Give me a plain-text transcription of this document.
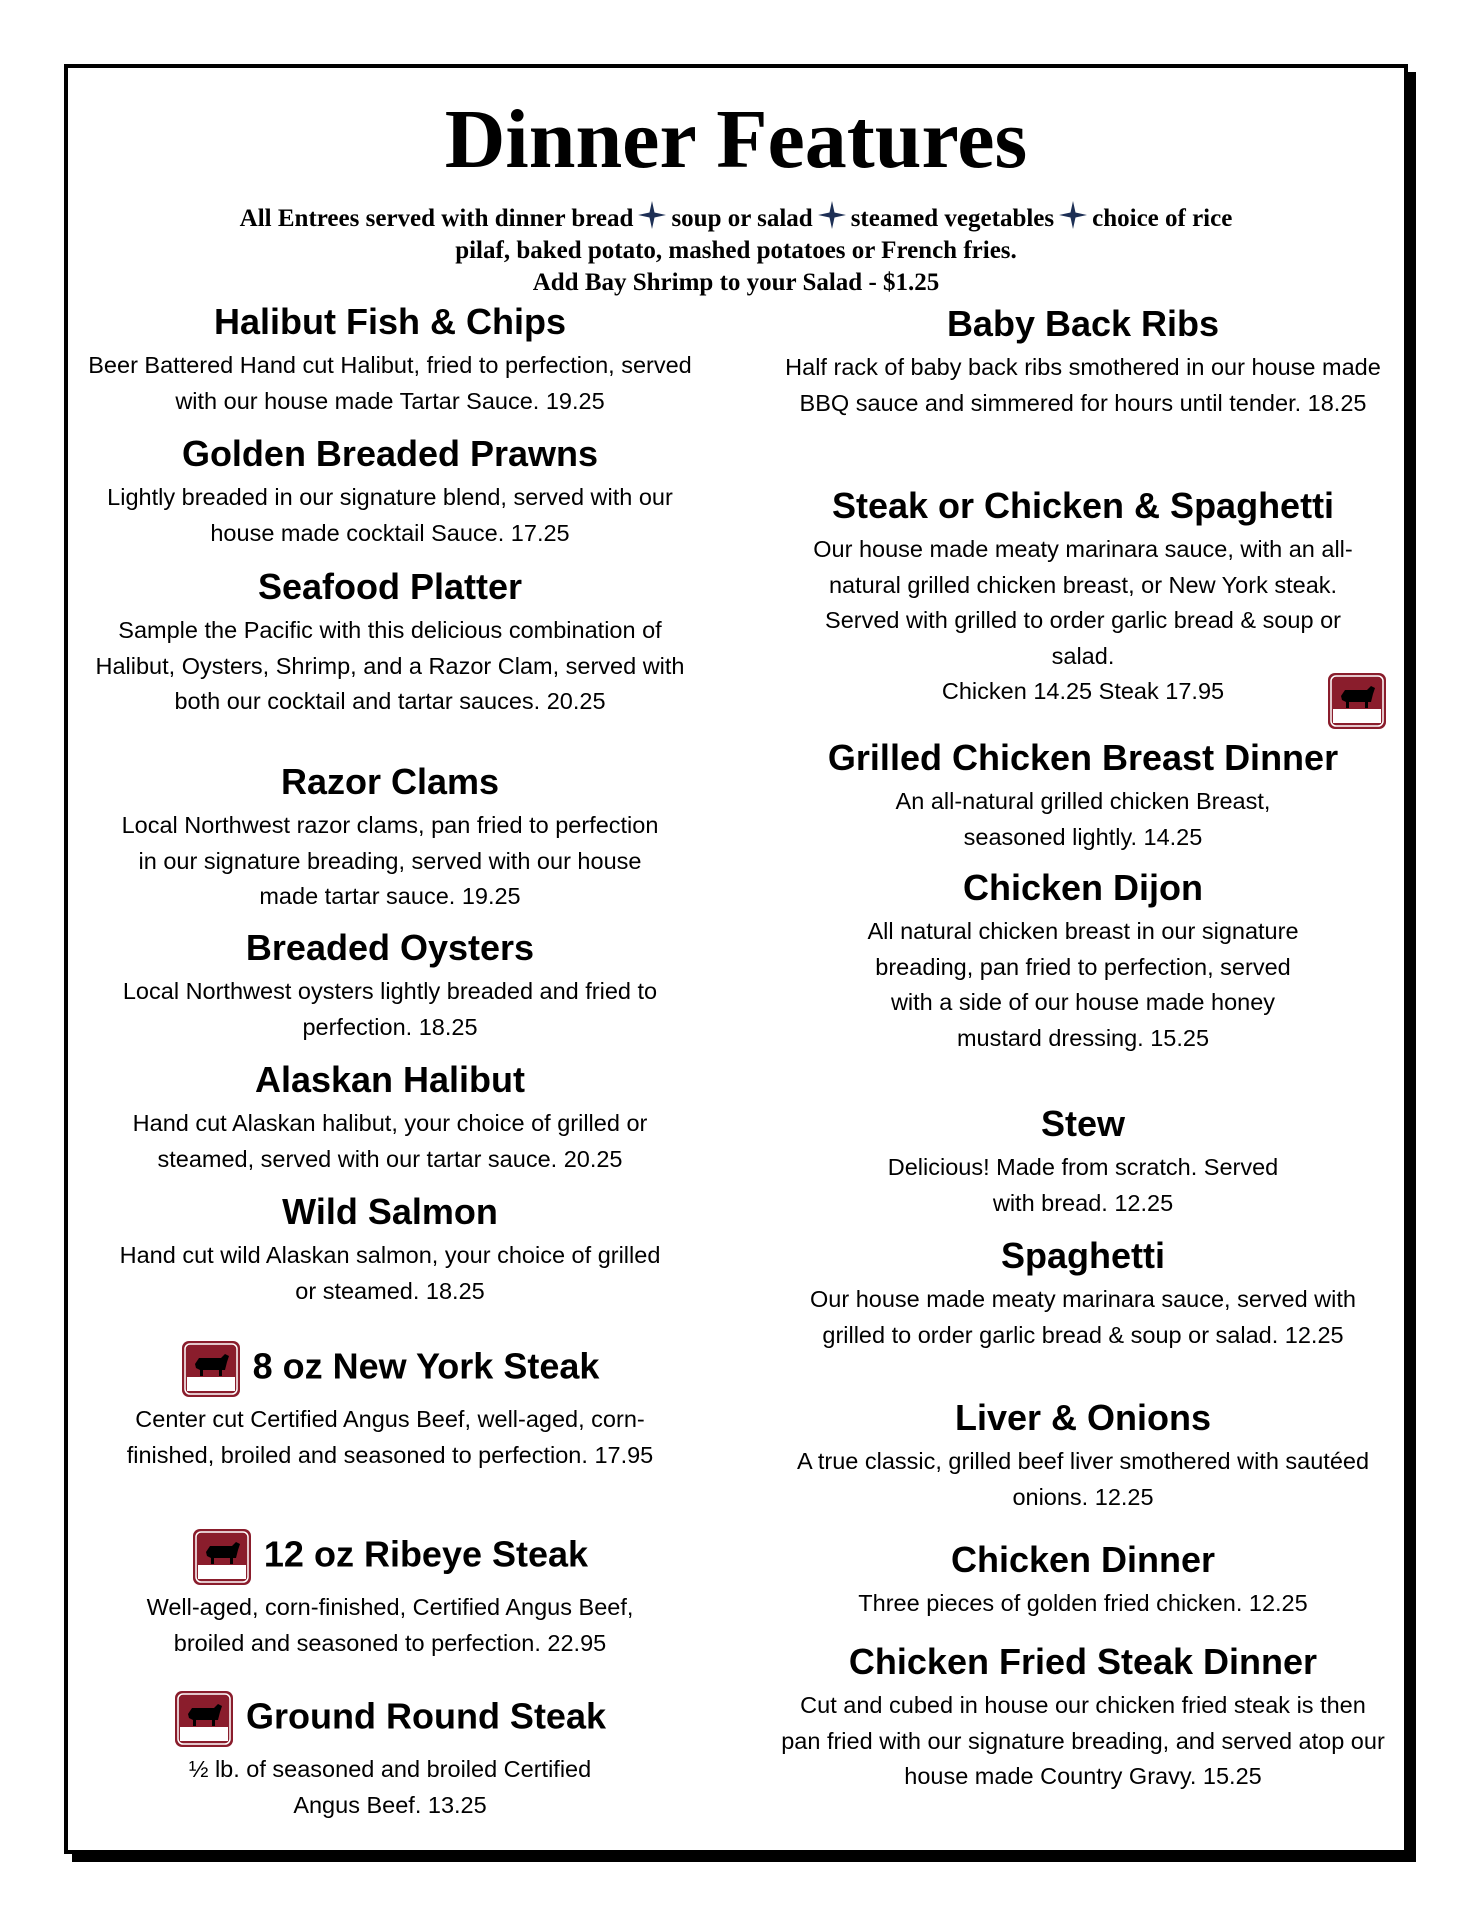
Dinner Features
All Entrees served with dinner bread soup or salad steamed vegetables choice of rice
pilaf, baked potato, mashed potatoes or French fries.
Add Bay Shrimp to your Salad - $1.25
Halibut Fish & Chips

Beer Battered Hand cut Halibut, fried to perfection, served with our house made Tartar Sauce. 19.25

Golden Breaded Prawns

Lightly breaded in our signature blend, served with our house made cocktail Sauce. 17.25

Seafood Platter

Sample the Pacific with this delicious combination of Halibut, Oysters, Shrimp, and a Razor Clam, served with both our cocktail and tartar sauces. 20.25

Razor Clams

Local Northwest razor clams, pan fried to perfection in our signature breading, served with our house made tartar sauce. 19.25

Breaded Oysters

Local Northwest oysters lightly breaded and fried to perfection. 18.25

Alaskan Halibut

Hand cut Alaskan halibut, your choice of grilled or steamed, served with our tartar sauce. 20.25

Wild Salmon

Hand cut wild Alaskan salmon, your choice of grilled or steamed. 18.25

8 oz New York Steak

Center cut Certified Angus Beef, well-aged, corn-finished, broiled and seasoned to perfection. 17.95

12 oz Ribeye Steak

Well-aged, corn-finished, Certified Angus Beef, broiled and seasoned to perfection. 22.95

Ground Round Steak

½ lb. of seasoned and broiled Certified Angus Beef. 13.25

Baby Back Ribs

Half rack of baby back ribs smothered in our house made BBQ sauce and simmered for hours until tender. 18.25

Steak or Chicken & Spaghetti

Our house made meaty marinara sauce, with an all-natural grilled chicken breast, or New York steak. Served with grilled to order garlic bread & soup or salad.

Chicken 14.25 Steak 17.95

Grilled Chicken Breast Dinner

An all-natural grilled chicken Breast, seasoned lightly. 14.25

Chicken Dijon

All natural chicken breast in our signature breading, pan fried to perfection, served with a side of our house made honey mustard dressing. 15.25

Stew

Delicious! Made from scratch. Served with bread. 12.25

Spaghetti

Our house made meaty marinara sauce, served with grilled to order garlic bread & soup or salad. 12.25

Liver & Onions

A true classic, grilled beef liver smothered with sautéed onions. 12.25

Chicken Dinner

Three pieces of golden fried chicken. 12.25

Chicken Fried Steak Dinner

Cut and cubed in house our chicken fried steak is then pan fried with our signature breading, and served atop our house made Country Gravy. 15.25
